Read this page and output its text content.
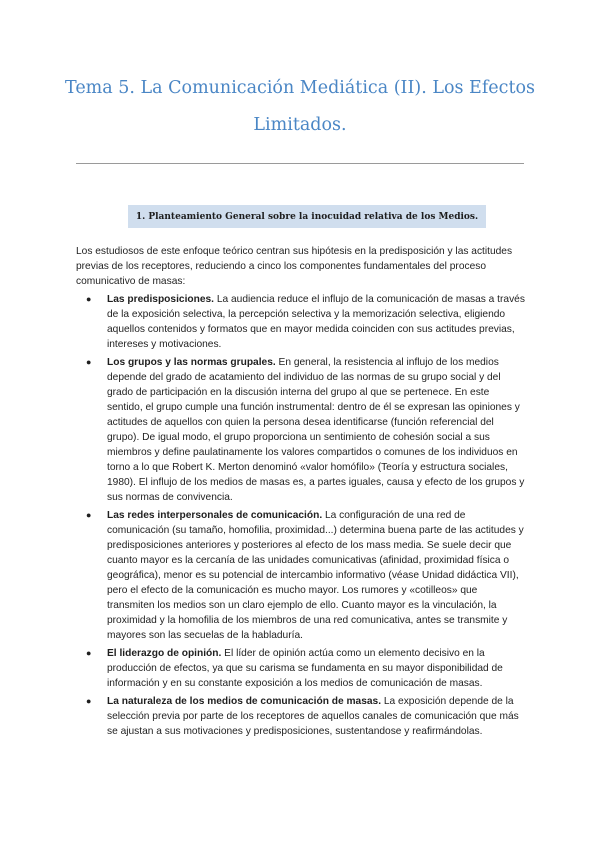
Tema 5. La Comunicación Mediática (II). Los Efectos Limitados.
1. Planteamiento General sobre la inocuidad relativa de los Medios.

Los estudiosos de este enfoque teórico centran sus hipótesis en la predisposición y las actitudes previas de los receptores, reduciendo a cinco los componentes fundamentales del proceso comunicativo de masas:

●	Las predisposiciones. La audiencia reduce el influjo de la comunicación de masas a través de la exposición selectiva, la percepción selectiva y la memorización selectiva, eligiendo aquellos contenidos y formatos que en mayor medida coinciden con sus actitudes previas, intereses y motivaciones.
●	Los grupos y las normas grupales. En general, la resistencia al influjo de los medios depende del grado de acatamiento del individuo de las normas de su grupo social y del grado de participación en la discusión interna del grupo al que se pertenece. En este sentido, el grupo cumple una función instrumental: dentro de él se expresan las opiniones y actitudes de aquellos con quien la persona desea identificarse (función referencial del grupo). De igual modo, el grupo proporciona un sentimiento de cohesión social a sus miembros y define paulatinamente los valores compartidos o comunes de los individuos en torno a lo que Robert K. Merton denominó «valor homófilo» (Teoría y estructura sociales, 1980). El influjo de los medios de masas es, a partes iguales, causa y efecto de los grupos y sus normas de convivencia.
●	Las redes interpersonales de comunicación. La configuración de una red de comunicación (su tamaño, homofilia, proximidad...) determina buena parte de las actitudes y predisposiciones anteriores y posteriores al efecto de los mass media. Se suele decir que cuanto mayor es la cercanía de las unidades comunicativas (afinidad, proximidad física o geográfica), menor es su potencial de intercambio informativo (véase Unidad didáctica VII), pero el efecto de la comunicación es mucho mayor. Los rumores y «cotilleos» que transmiten los medios son un claro ejemplo de ello. Cuanto mayor es la vinculación, la proximidad y la homofilia de los miembros de una red comunicativa, antes se transmite y mayores son las secuelas de la habladuría.
●	El liderazgo de opinión. El líder de opinión actúa como un elemento decisivo en la producción de efectos, ya que su carisma se fundamenta en su mayor disponibilidad de información y en su constante exposición a los medios de comunicación de masas.
●	La naturaleza de los medios de comunicación de masas. La exposición depende de la selección previa por parte de los receptores de aquellos canales de comunicación que más se ajustan a sus motivaciones y predisposiciones, sustentandose y reafirmándolas.
